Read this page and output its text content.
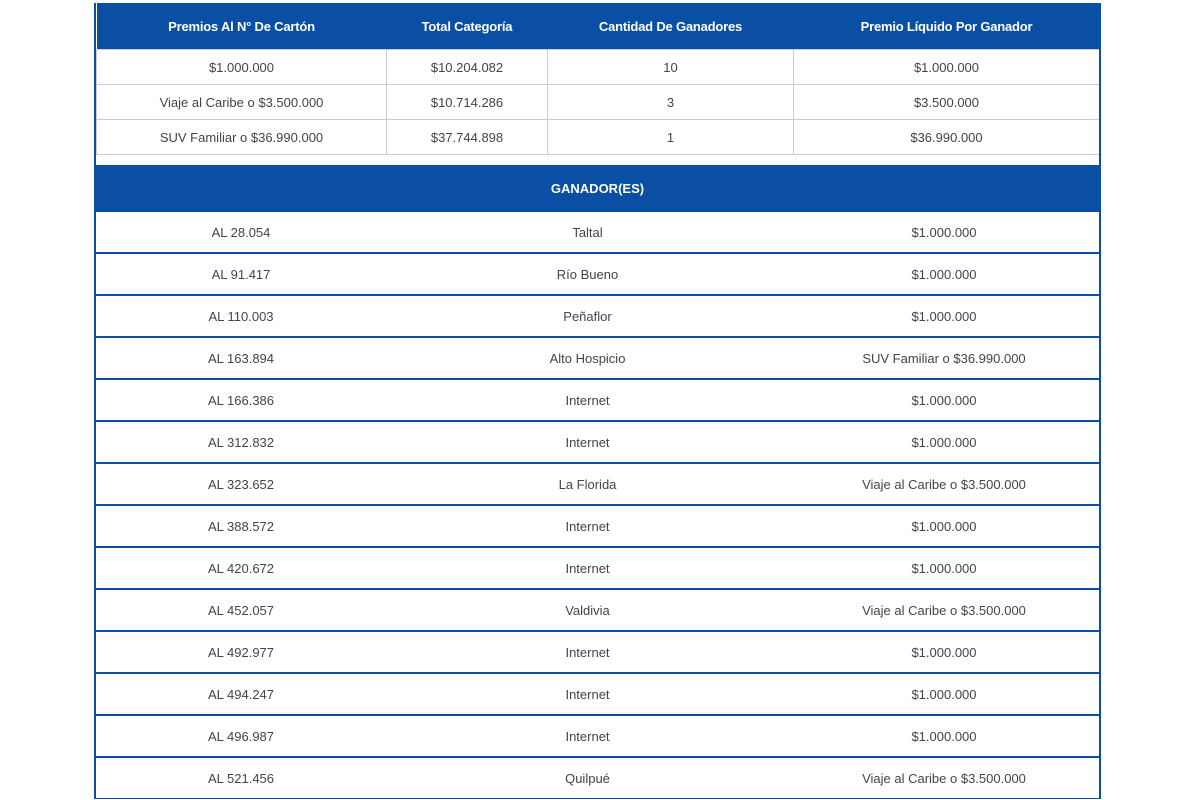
Premios Al N° De Cartón	Total Categoría	Cantidad De Ganadores	Premio Líquido Por Ganador
$1.000.000	$10.204.082	10	$1.000.000
Viaje al Caribe o $3.500.000	$10.714.286	3	$3.500.000
SUV Familiar o $36.990.000	$37.744.898	1	$36.990.000
GANADOR(ES)
AL 28.054	Taltal	$1.000.000
AL 91.417	Río Bueno	$1.000.000
AL 110.003	Peñaflor	$1.000.000
AL 163.894	Alto Hospicio	SUV Familiar o $36.990.000
AL 166.386	Internet	$1.000.000
AL 312.832	Internet	$1.000.000
AL 323.652	La Florida	Viaje al Caribe o $3.500.000
AL 388.572	Internet	$1.000.000
AL 420.672	Internet	$1.000.000
AL 452.057	Valdivia	Viaje al Caribe o $3.500.000
AL 492.977	Internet	$1.000.000
AL 494.247	Internet	$1.000.000
AL 496.987	Internet	$1.000.000
AL 521.456	Quilpué	Viaje al Caribe o $3.500.000
